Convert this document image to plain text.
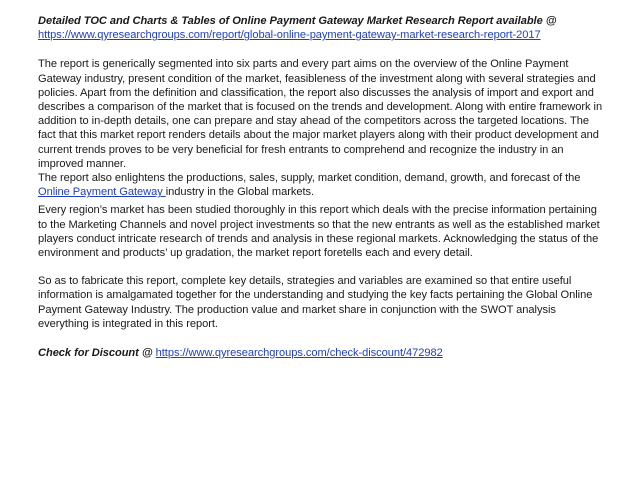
Detailed TOC and Charts & Tables of Online Payment Gateway Market Research Report available @

https://www.qyresearchgroups.com/report/global-online-payment-gateway-market-research-report-2017

The report is generically segmented into six parts and every part aims on the overview of the Online Payment Gateway industry, present condition of the market, feasibleness of the investment along with several strategies and policies. Apart from the definition and classification, the report also discusses the analysis of import and export and describes a comparison of the market that is focused on the trends and development. Along with entire framework in addition to in-depth details, one can prepare and stay ahead of the competitors across the targeted locations. The fact that this market report renders details about the major market players along with their product development and current trends proves to be very beneficial for fresh entrants to comprehend and recognize the industry in an improved manner.

The report also enlightens the productions, sales, supply, market condition, demand, growth, and forecast of the Online Payment Gateway industry in the Global markets.

Every region’s market has been studied thoroughly in this report which deals with the precise information pertaining to the Marketing Channels and novel project investments so that the new entrants as well as the established market players conduct intricate research of trends and analysis in these regional markets. Acknowledging the status of the environment and products’ up gradation, the market report foretells each and every detail.

So as to fabricate this report, complete key details, strategies and variables are examined so that entire useful information is amalgamated together for the understanding and studying the key facts pertaining the Global Online Payment Gateway Industry. The production value and market share in conjunction with the SWOT analysis everything is integrated in this report.

Check for Discount @ https://www.qyresearchgroups.com/check-discount/472982
